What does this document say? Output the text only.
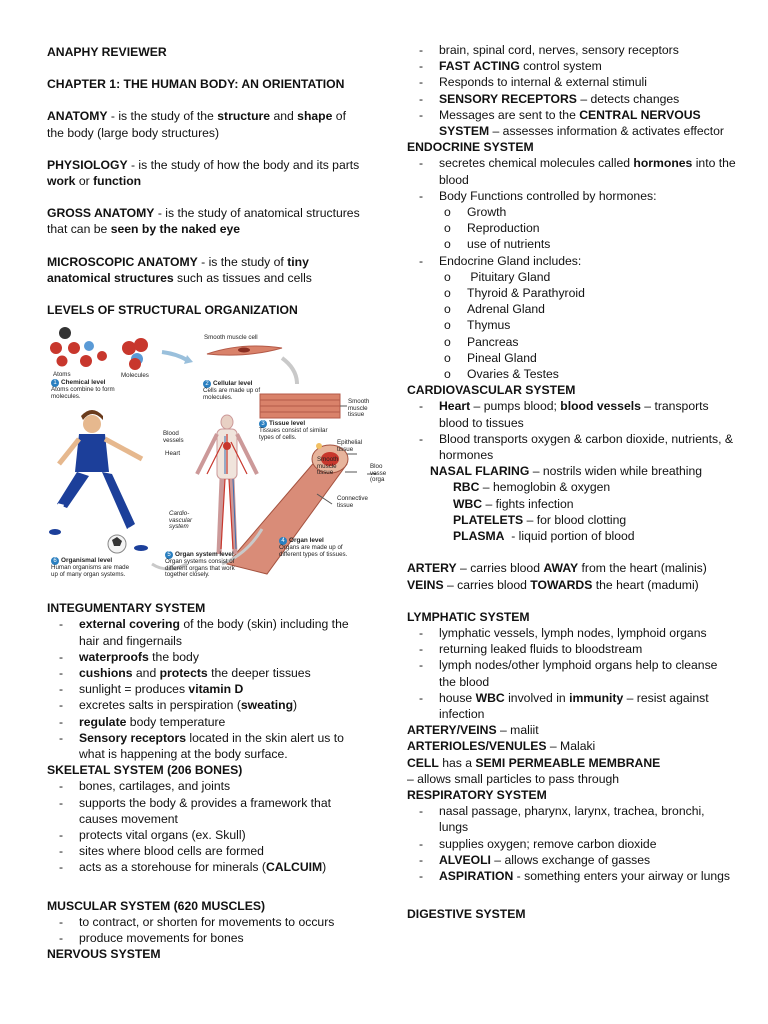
ANAPHY REVIEWER

CHAPTER 1: THE HUMAN BODY: AN ORIENTATION

ANATOMY - is the study of the structure and shape of the body (large body structures)

PHYSIOLOGY - is the study of how the body and its parts work or function

GROSS ANATOMY - is the study of anatomical structures that can be seen by the naked eye

MICROSCOPIC ANATOMY - is the study of tiny anatomical structures such as tissues and cells

LEVELS OF STRUCTURAL ORGANIZATION

Atoms	Molecules
Smooth muscle cell
1 Chemical level
Atoms combine to form molecules.
2 Cellular level
Cells are made up of molecules.
3 Tissue level
Tissues consist of similar types of cells.
Smooth muscle tissue
Blood vessels
Heart
Cardio-vascular system
Epithelial tissue
Smooth muscle tissue
Connective tissue
Bloo vesse (orga
4 Organ level
Organs are made up of different types of tissues.
5 Organ system level
Organ systems consist of different organs that work together closely.
6 Organismal level
Human organisms are made up of many organ systems.

INTEGUMENTARY SYSTEM

- external covering of the body (skin) including the hair and fingernails
- waterproofs the body
- cushions and protects the deeper tissues
- sunlight = produces vitamin D
- excretes salts in perspiration (sweating)
- regulate body temperature
- Sensory receptors located in the skin alert us to what is happening at the body surface.

SKELETAL SYSTEM (206 BONES)

- bones, cartilages, and joints
- supports the body & provides a framework that causes movement
- protects vital organs (ex. Skull)
- sites where blood cells are formed
- acts as a storehouse for minerals (CALCUIM)

MUSCULAR SYSTEM (620 MUSCLES)

- to contract, or shorten for movements to occurs
- produce movements for bones

NERVOUS SYSTEM

- brain, spinal cord, nerves, sensory receptors
- FAST ACTING control system
- Responds to internal & external stimuli
- SENSORY RECEPTORS – detects changes
- Messages are sent to the CENTRAL NERVOUS SYSTEM – assesses information & activates effector

ENDOCRINE SYSTEM

- secretes chemical molecules called hormones into the blood
- Body Functions controlled by hormones:
o Growth
o Reproduction
o use of nutrients
- Endocrine Gland includes:
o  Pituitary Gland
o Thyroid & Parathyroid
o Adrenal Gland
o Thymus
o Pancreas
o Pineal Gland
o Ovaries & Testes

CARDIOVASCULAR SYSTEM

- Heart – pumps blood; blood vessels – transports blood to tissues
- Blood transports oxygen & carbon dioxide, nutrients, & hormones
NASAL FLARING – nostrils widen while breathing
RBC – hemoglobin & oxygen
WBC – fights infection
PLATELETS – for blood clotting
PLASMA  - liquid portion of blood

ARTERY – carries blood AWAY from the heart (malinis)

VEINS – carries blood TOWARDS the heart (madumi)

LYMPHATIC SYSTEM

- lymphatic vessels, lymph nodes, lymphoid organs
- returning leaked fluids to bloodstream
- lymph nodes/other lymphoid organs help to cleanse the blood
- house WBC involved in immunity – resist against infection

ARTERY/VEINS – maliit

ARTERIOLES/VENULES – Malaki

CELL has a SEMI PERMEABLE MEMBRANE

– allows small particles to pass through

RESPIRATORY SYSTEM

- nasal passage, pharynx, larynx, trachea, bronchi, lungs
- supplies oxygen; remove carbon dioxide
- ALVEOLI – allows exchange of gasses
- ASPIRATION - something enters your airway or lungs

DIGESTIVE SYSTEM
